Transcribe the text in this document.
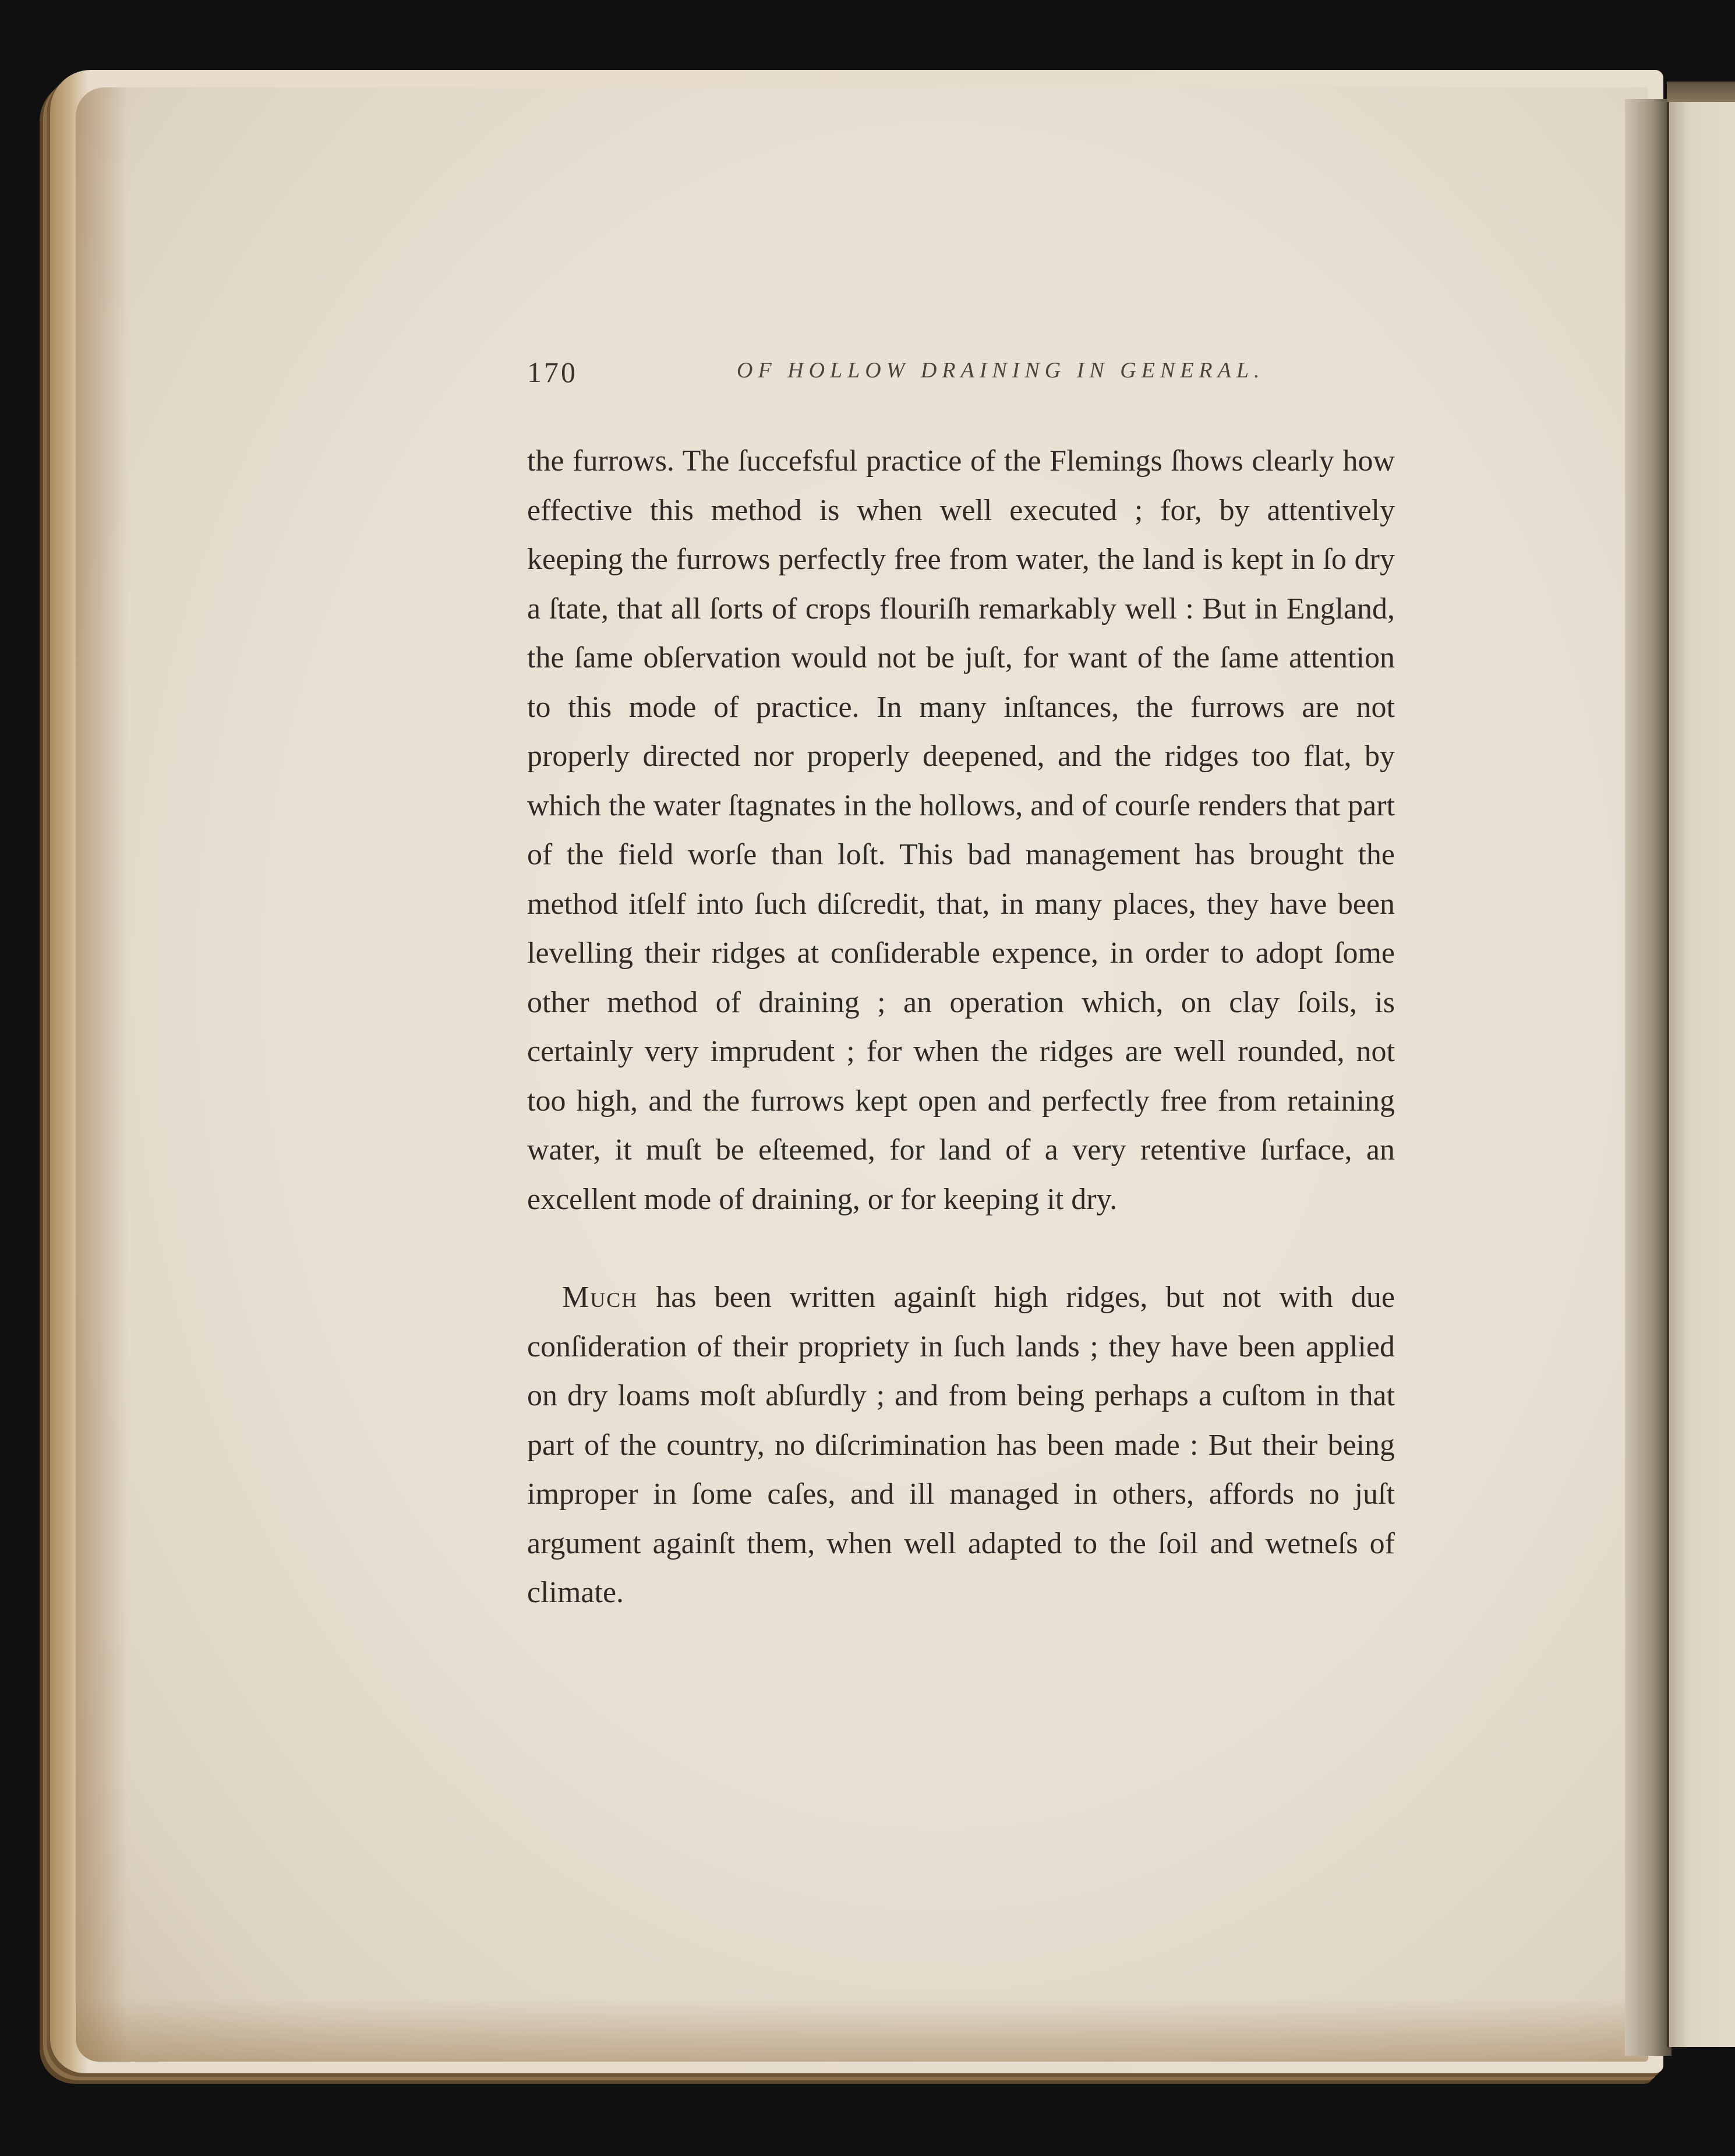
170	OF HOLLOW DRAINING IN GENERAL.

the furrows. The ſuccefsful practice of the Flemings ſhows clearly how effective this method is when well executed ; for, by attentively keeping the furrows perfectly free from water, the land is kept in ſo dry a ſtate, that all ſorts of crops flouriſh remarkably well : But in England, the ſame obſervation would not be juſt, for want of the ſame attention to this mode of practice. In many inſtances, the furrows are not properly directed nor properly deepened, and the ridges too flat, by which the water ſtagnates in the hollows, and of courſe renders that part of the field worſe than loſt. This bad management has brought the method itſelf into ſuch diſcredit, that, in many places, they have been levelling their ridges at conſiderable expence, in order to adopt ſome other method of draining ; an operation which, on clay ſoils, is certainly very imprudent ; for when the ridges are well rounded, not too high, and the furrows kept open and perfectly free from retaining water, it muſt be eſteemed, for land of a very retentive ſurface, an excellent mode of draining, or for keeping it dry.

Much has been written againſt high ridges, but not with due conſideration of their propriety in ſuch lands ; they have been applied on dry loams moſt abſurdly ; and from being perhaps a cuſtom in that part of the country, no diſcrimination has been made : But their being improper in ſome caſes, and ill managed in others, affords no juſt argument againſt them, when well adapted to the ſoil and wetneſs of climate.
